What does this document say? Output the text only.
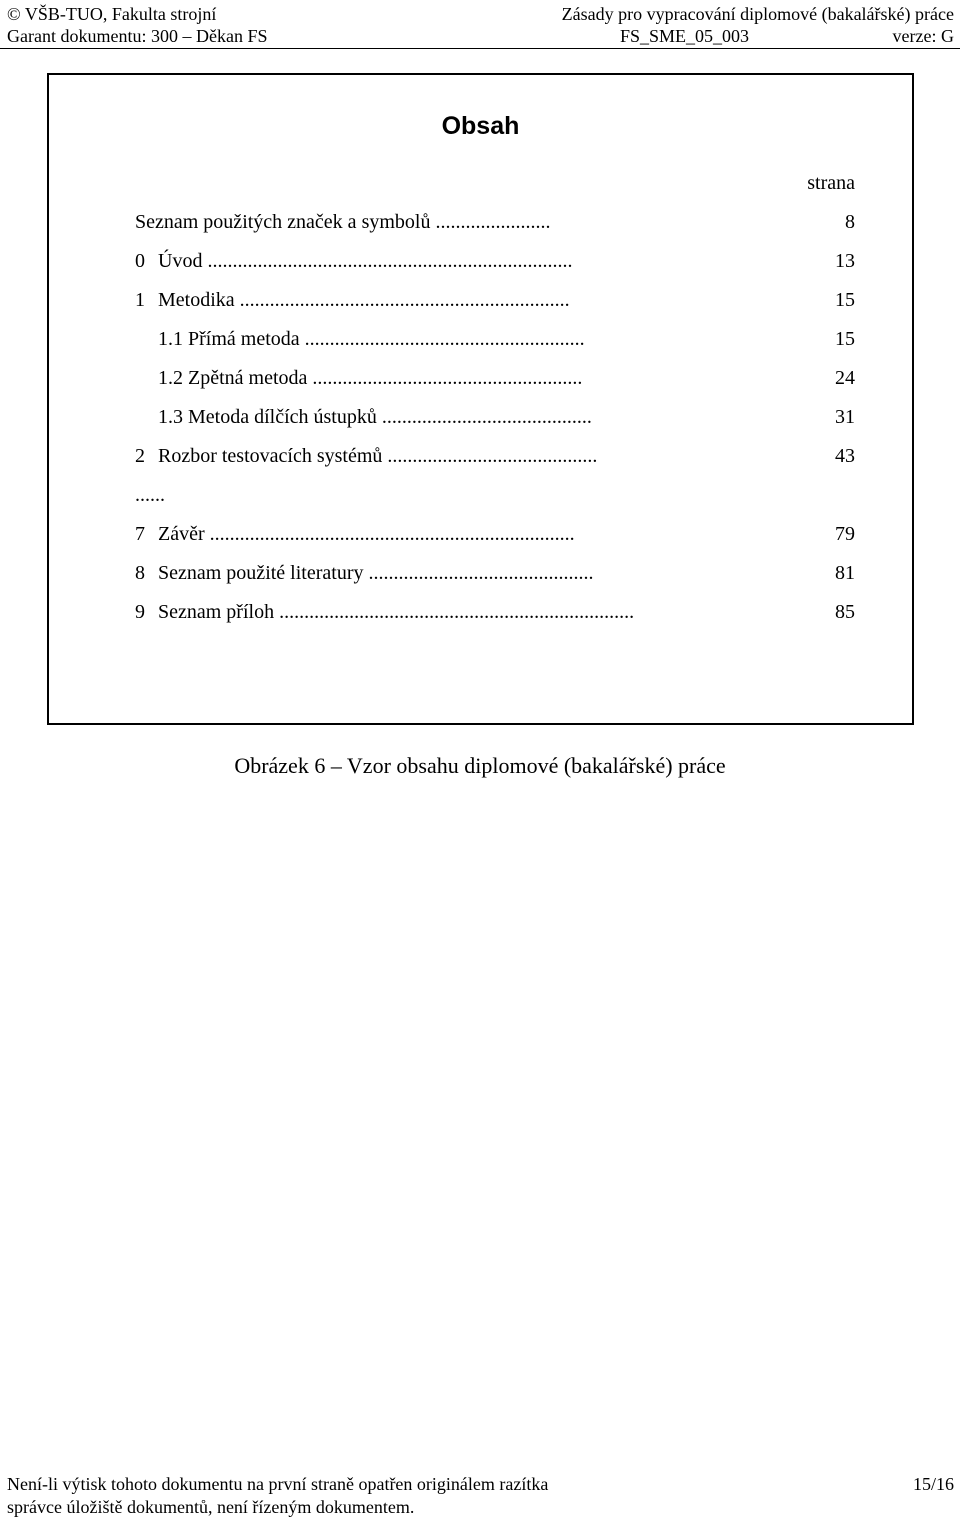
© VŠB-TUO, Fakulta strojní	Zásady pro vypracování diplomové (bakalářské) práce
Garant dokumentu: 300 – Děkan FS	FS_SME_05_003	verze: G
Obsah
strana
Seznam použitých značek a symbolů .......................	8
0 Úvod .........................................................................	13
1 Metodika ..................................................................	15
1.1 Přímá metoda ........................................................	15
1.2 Zpětná metoda ......................................................	24
1.3 Metoda dílčích ústupků ..........................................	31
2 Rozbor testovacích systémů ..........................................	43
......
7 Závěr .........................................................................	79
8 Seznam použité literatury .............................................	81
9 Seznam příloh .......................................................................	85
Obrázek 6 – Vzor obsahu diplomové (bakalářské) práce
Není-li výtisk tohoto dokumentu na první straně opatřen originálem razítka	15/16
správce úložiště dokumentů, není řízeným dokumentem.
